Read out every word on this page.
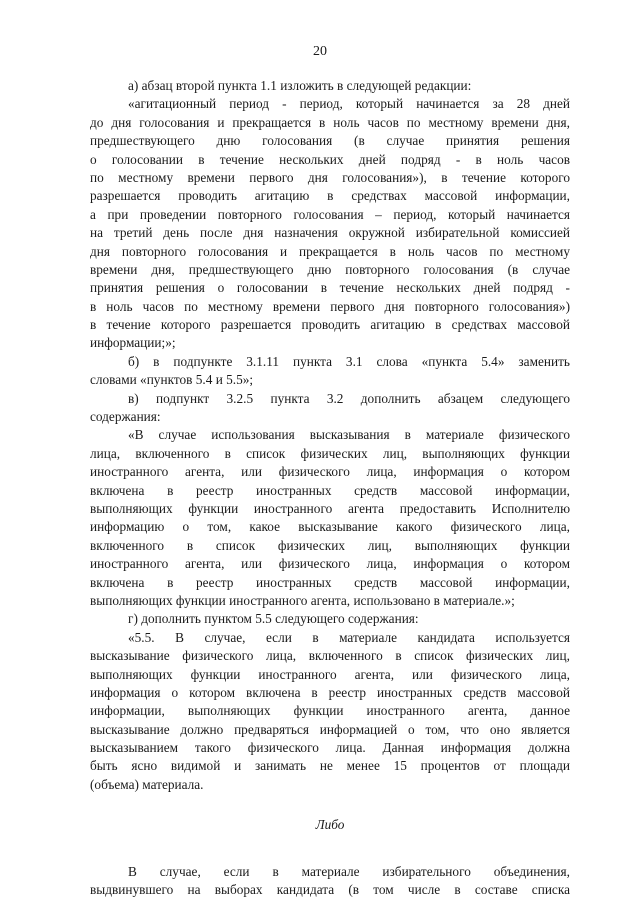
20
а) абзац второй пункта 1.1 изложить в следующей редакции:
«агитационный период - период, который начинается за 28 дней
до дня голосования и прекращается в ноль часов по местному времени дня,
предшествующего дню голосования (в случае принятия решения
о голосовании в течение нескольких дней подряд - в ноль часов
по местному времени первого дня голосования»), в течение которого
разрешается проводить агитацию в средствах массовой информации,
а при проведении повторного голосования – период, который начинается
на третий день после дня назначения окружной избирательной комиссией
дня повторного голосования и прекращается в ноль часов по местному
времени дня, предшествующего дню повторного голосования (в случае
принятия решения о голосовании в течение нескольких дней подряд -
в ноль часов по местному времени первого дня повторного голосования»)
в течение которого разрешается проводить агитацию в средствах массовой
информации;»;
б) в подпункте 3.1.11 пункта 3.1 слова «пункта 5.4» заменить
словами «пунктов 5.4 и 5.5»;
в) подпункт 3.2.5 пункта 3.2 дополнить абзацем следующего
содержания:
«В случае использования высказывания в материале физического
лица, включенного в список физических лиц, выполняющих функции
иностранного агента, или физического лица, информация о котором
включена в реестр иностранных средств массовой информации,
выполняющих функции иностранного агента предоставить Исполнителю
информацию о том, какое высказывание какого физического лица,
включенного в список физических лиц, выполняющих функции
иностранного агента, или физического лица, информация о котором
включена в реестр иностранных средств массовой информации,
выполняющих функции иностранного агента, использовано в материале.»;
г) дополнить пунктом 5.5 следующего содержания:
«5.5. В случае, если в материале кандидата используется
высказывание физического лица, включенного в список физических лиц,
выполняющих функции иностранного агента, или физического лица,
информация о котором включена в реестр иностранных средств массовой
информации, выполняющих функции иностранного агента, данное
высказывание должно предваряться информацией о том, что оно является
высказыванием такого физического лица. Данная информация должна
быть ясно видимой и занимать не менее 15 процентов от площади
(объема) материала.
Либо
В случае, если в материале избирательного объединения,
выдвинувшего на выборах кандидата (в том числе в составе списка
